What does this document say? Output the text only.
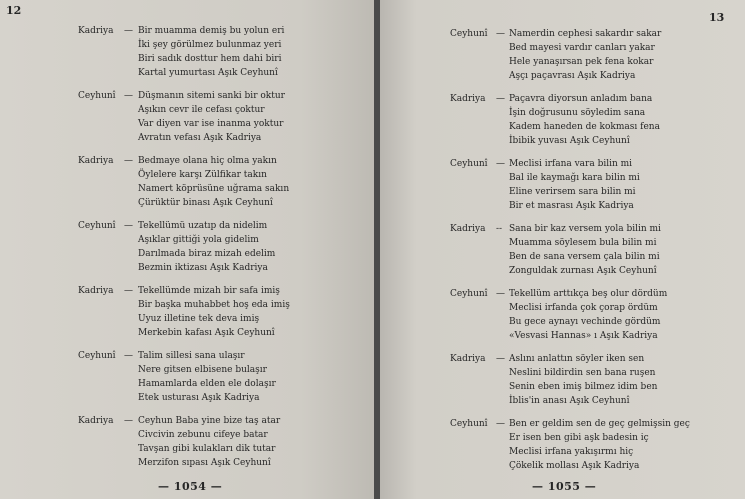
12
Kadriya — Bir muamma demiş bu yolun eri
İki şey görülmez bulunmaz yeri
Biri sadık dosttur hem dahi biri
Kartal yumurtası Aşık Ceyhunî
Ceyhunî — Düşmanın sitemi sanki bir oktur
Aşıkın cevr ile cefası çoktur
Var diyen var ise inanma yoktur
Avratın vefası Aşık Kadriya
Kadriya — Bedmaye olana hiç olma yakın
Öylelere karşı Zülfikar takın
Namert köprüsüne uğrama sakın
Çürüktür binası Aşık Ceyhunî
Ceyhunî — Tekellümü uzatıp da nidelim
Aşıklar gittiği yola gidelim
Darılmada biraz mizah edelim
Bezmin iktizası Aşık Kadriya
Kadriya — Tekellümde mizah bir safa imiş
Bir başka muhabbet hoş eda imiş
Uyuz illetine tek deva imiş
Merkebin kafası Aşık Ceyhunî
Ceyhunî — Talim sillesi sana ulaşır
Nere gitsen elbisene bulaşır
Hamamlarda elden ele dolaşır
Etek usturası Aşık Kadriya
Kadriya — Ceyhun Baba yine bize taş atar
Civcivin zebunu cifeye batar
Tavşan gibi kulakları dik tutar
Merzifon sıpası Aşık Ceyhunî
— 1054 —
13
Ceyhunî — Namerdin cephesi sakardır sakar
Bed mayesi vardır canları yakar
Hele yanaşırsan pek fena kokar
Aşçı paçavrası Aşık Kadriya
Kadriya — Paçavra diyorsun anladım bana
İşin doğrusunu söyledim sana
Kadem haneden de kokması fena
İbibik yuvası Aşık Ceyhunî
Ceyhunî — Meclisi irfana vara bilin mi
Bal ile kaymağı kara bilin mi
Eline verirsem sara bilin mi
Bir et masrası Aşık Kadriya
Kadriya -- Sana bir kaz versem yola bilin mi
Muamma söylesem bula bilin mi
Ben de sana versem çala bilin mi
Zonguldak zurnası Aşık Ceyhunî
Ceyhunî — Tekellüm arttıkça beş olur dördüm
Meclisi irfanda çok çorap ördüm
Bu gece aynayı vechinde gördüm
«Vesvasi Hannas» ı Aşık Kadriya
Kadriya — Aslını anlattın söyler iken sen
Neslini bildirdin sen bana ruşen
Senin eben imiş bilmez idim ben
İblis'in anası Aşık Ceyhunî
Ceyhunî — Ben er geldim sen de geç gelmişsin geç
Er isen ben gibi aşk badesin iç
Meclisi irfana yakışırmı hiç
Çökelik mollası Aşık Kadriya
— 1055 —
